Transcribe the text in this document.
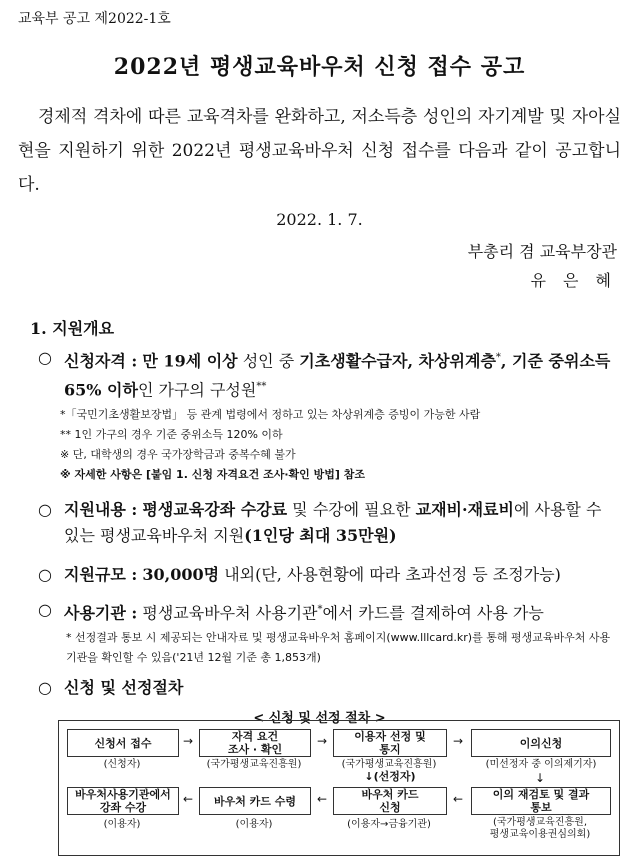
교육부 공고 제2022-1호
2022년 평생교육바우처 신청 접수 공고
경제적 격차에 따른 교육격차를 완화하고, 저소득층 성인의 자기계발 및 자아실현을 지원하기 위한 2022년 평생교육바우처 신청 접수를 다음과 같이 공고합니다.
2022. 1. 7.
부총리 겸 교육부장관
유 은 혜
1. 지원개요
○ 신청자격 : 만 19세 이상 성인 중 기초생활수급자, 차상위계층*, 기준 중위소득 65% 이하인 가구의 구성원**
*「국민기초생활보장법」 등 관계 법령에서 정하고 있는 차상위계층 증빙이 가능한 사람
** 1인 가구의 경우 기준 중위소득 120% 이하
※ 단, 대학생의 경우 국가장학금과 중복수혜 불가
※ 자세한 사항은 [붙임 1. 신청 자격요건 조사·확인 방법] 참조
○ 지원내용 : 평생교육강좌 수강료 및 수강에 필요한 교재비·재료비에 사용할 수 있는 평생교육바우처 지원(1인당 최대 35만원)
○ 지원규모 : 30,000명 내외(단, 사용현황에 따라 초과선정 등 조정가능)
○ 사용기관 : 평생교육바우처 사용기관*에서 카드를 결제하여 사용 가능
* 선정결과 통보 시 제공되는 안내자료 및 평생교육바우처 홈페이지(www.lllcard.kr)를 통해 평생교육바우처 사용기관을 확인할 수 있음('21년 12월 기준 총 1,853개)
○ 신청 및 선정절차
< 신청 및 선정 절차 >
신청서 접수
(신청자)
→	자격 요건
조사 · 확인
(국가평생교육진흥원)
→	이용자 선정 및
통지
(국가평생교육진흥원)
→	이의신청
(미선정자 중 이의제기자)
↓
↓(선정자)
이의 재검토 및 결과
통보
(국가평생교육진흥원,
평생교육이용권심의회)
←
바우처 카드
신청
(이용자→금융기관)
←
바우처 카드 수령
(이용자)
←
바우처사용기관에서
강좌 수강
(이용자)
